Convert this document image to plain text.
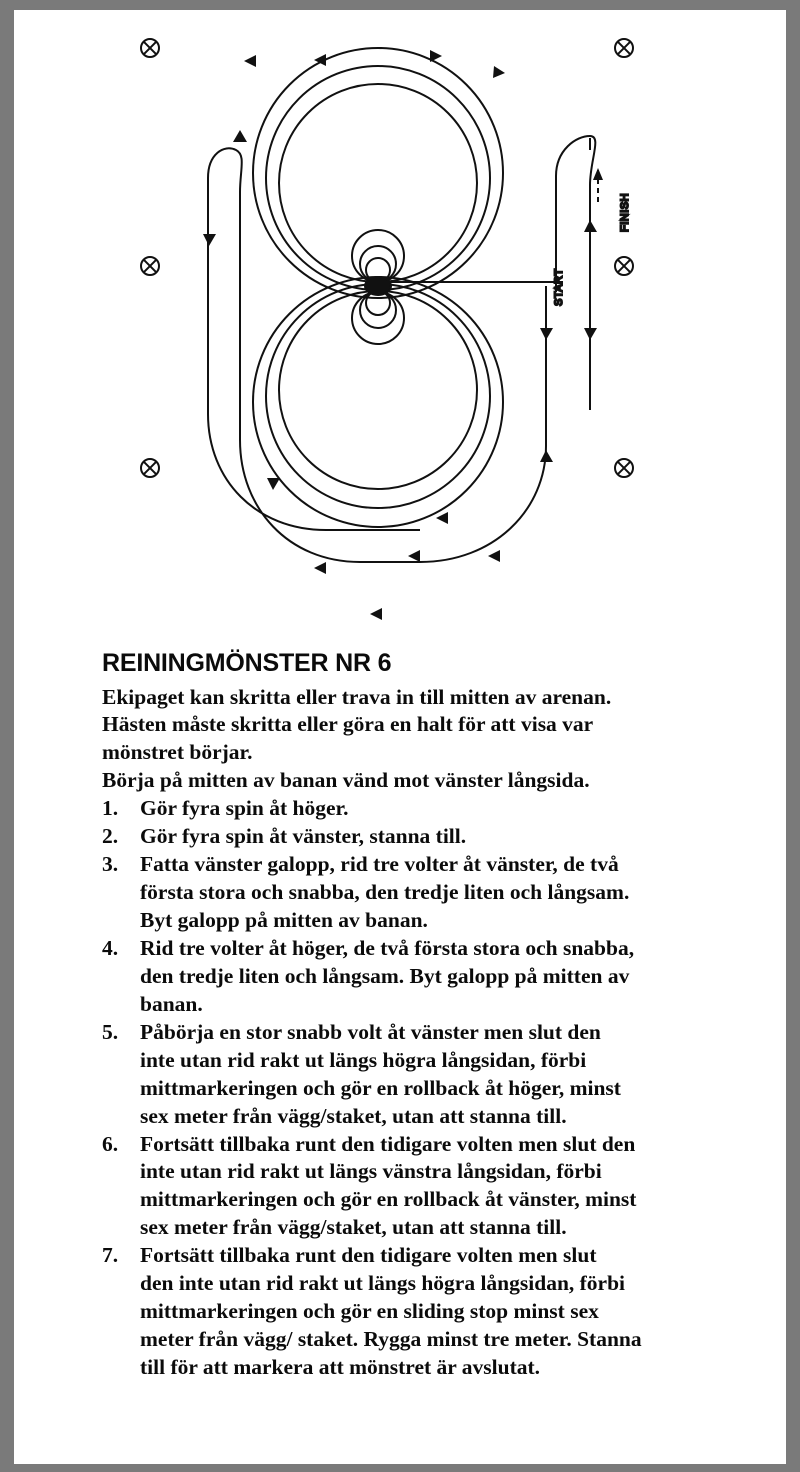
START
FINISH
REININGMÖNSTER NR 6

Ekipaget kan skritta eller trava in till mitten av arenan.

Hästen måste skritta eller göra en halt för att visa var

mönstret börjar.

Börja på mitten av banan vänd mot vänster långsida.

1.	Gör fyra spin åt höger.
2.	Gör fyra spin åt vänster, stanna till.
3.	Fatta vänster galopp, rid tre volter åt vänster, de två
första stora och snabba, den tredje liten och långsam.
Byt galopp på mitten av banan.
4.	Rid tre volter åt höger, de två första stora och snabba,
den tredje liten och långsam. Byt galopp på mitten av
banan.
5.	Påbörja en stor snabb volt åt vänster men slut den
inte utan rid rakt ut längs högra långsidan, förbi
mittmarkeringen och gör en rollback åt höger, minst
sex meter från vägg/staket, utan att stanna till.
6.	Fortsätt tillbaka runt den tidigare volten men slut den
inte utan rid rakt ut längs vänstra långsidan, förbi
mittmarkeringen och gör en rollback åt vänster, minst
sex meter från vägg/staket, utan att stanna till.
7.	Fortsätt tillbaka runt den tidigare volten men slut
den inte utan rid rakt ut längs högra långsidan, förbi
mittmarkeringen och gör en sliding stop minst sex
meter från vägg/ staket. Rygga minst tre meter. Stanna
till för att markera att mönstret är avslutat.
